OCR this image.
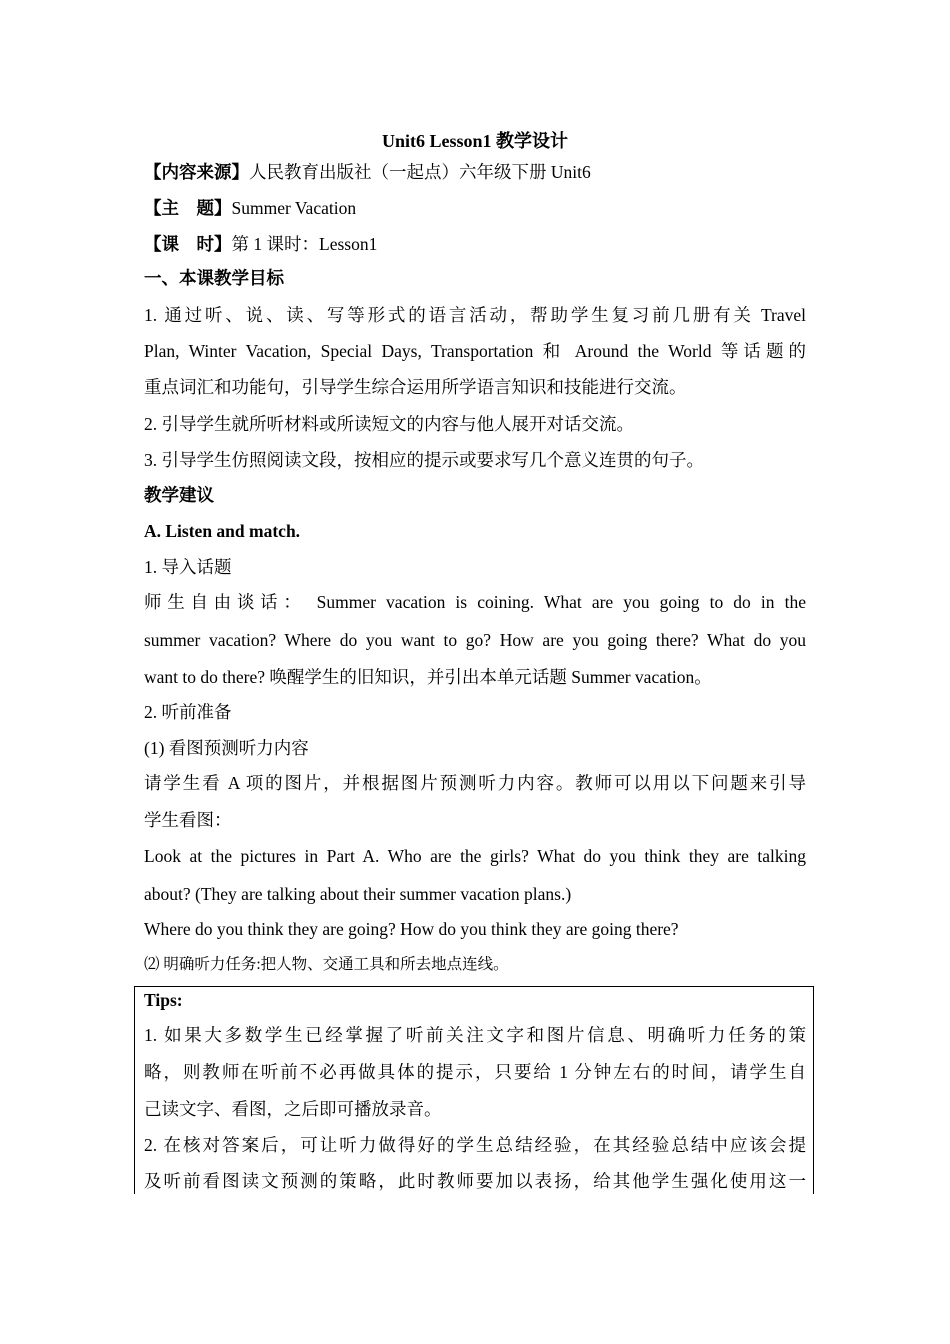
Unit6 Lesson1 教学设计
【内容来源】人民教育出版社（一起点）六年级下册 Unit6
【主　题】Summer Vacation
【课　时】第 1 课时：Lesson1
一、本课教学目标
1. 通过听、说、读、写等形式的语言活动，帮助学生复习前几册有关 Travel
Plan, Winter Vacation, Special Days, Transportation 和 Around the World 等话题的
重点词汇和功能句，引导学生综合运用所学语言知识和技能进行交流。
2. 引导学生就所听材料或所读短文的内容与他人展开对话交流。
3. 引导学生仿照阅读文段，按相应的提示或要求写几个意义连贯的句子。
教学建议
A. Listen and match.
1. 导入话题
师生自由谈话： Summer vacation is coining. What are you going to do in the
summer vacation? Where do you want to go? How are you going there? What do you
want to do there? 唤醒学生的旧知识，并引出本单元话题 Summer vacation。
2. 听前准备
(1) 看图预测听力内容
请学生看 A 项的图片，并根据图片预测听力内容。教师可以用以下问题来引导
学生看图：
Look at the pictures in Part A. Who are the girls? What do you think they are talking
about? (They are talking about their summer vacation plans.)
Where do you think they are going? How do you think they are going there?
⑵ 明确听力任务:把人物、交通工具和所去地点连线。
Tips:
1. 如果大多数学生已经掌握了听前关注文字和图片信息、明确听力任务的策
略，则教师在听前不必再做具体的提示，只要给 1 分钟左右的时间，请学生自
己读文字、看图，之后即可播放录音。
2. 在核对答案后，可让听力做得好的学生总结经验，在其经验总结中应该会提
及听前看图读文预测的策略，此时教师要加以表扬，给其他学生强化使用这一
